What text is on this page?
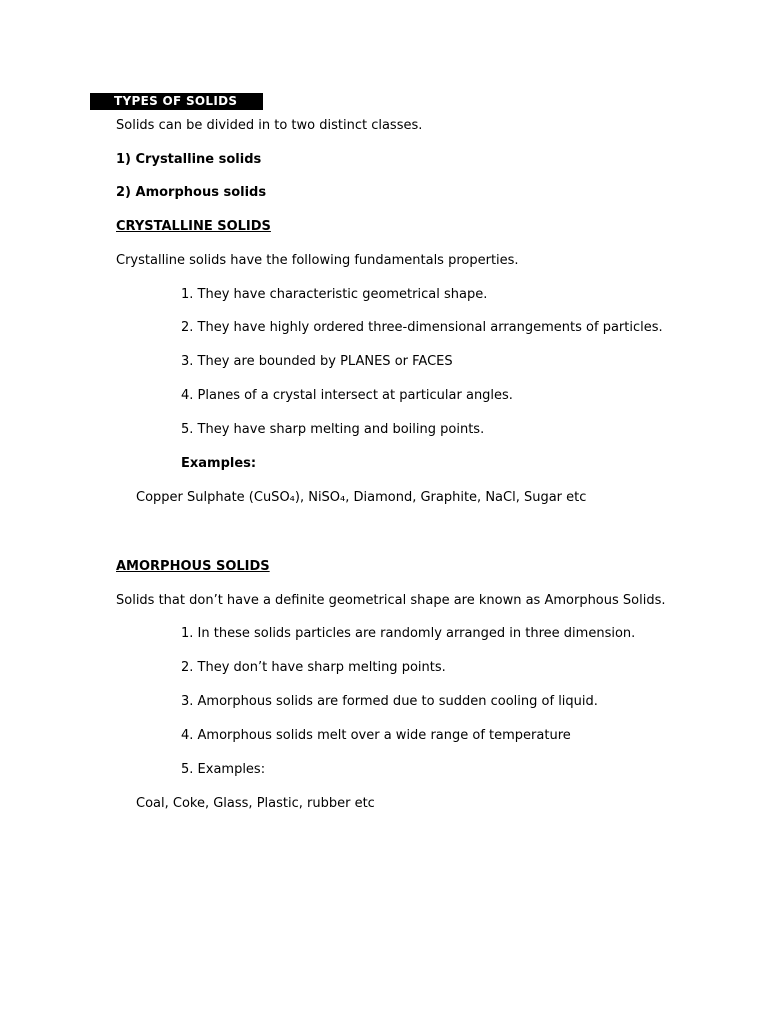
TYPES OF SOLIDS
Solids can be divided in to two distinct classes.
1) Crystalline solids
2) Amorphous solids
CRYSTALLINE SOLIDS
Crystalline solids have the following fundamentals properties.
1. They have characteristic geometrical shape.
2. They have highly ordered three-dimensional arrangements of particles.
3. They are bounded by PLANES or FACES
4. Planes of a crystal intersect at particular angles.
5. They have sharp melting and boiling points.
Examples:
Copper Sulphate (CuSO₄), NiSO₄, Diamond, Graphite, NaCl, Sugar etc
AMORPHOUS SOLIDS
Solids that don’t have a definite geometrical shape are known as Amorphous Solids.
1. In these solids particles are randomly arranged in three dimension.
2. They don’t have sharp melting points.
3. Amorphous solids are formed due to sudden cooling of liquid.
4. Amorphous solids melt over a wide range of temperature
5. Examples:
Coal, Coke, Glass, Plastic, rubber etc
